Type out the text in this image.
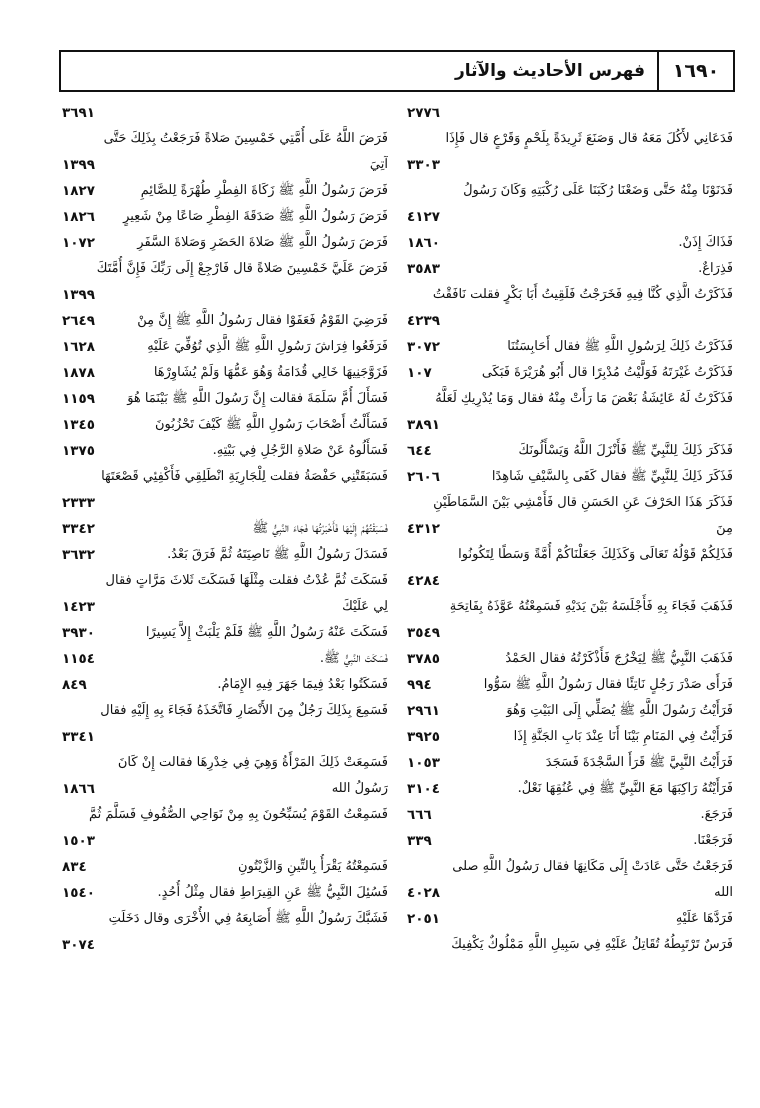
١٦٩٠
فهرس الأحاديث والآثار
٢٧٧٦
فَدَعَانِي لأَكُلَ مَعَهُ قال وَصَنَعَ ثَرِيدَةً بِلَحْمٍ وَقَرْعٍ قال فَإِذَا
٣٣٠٣
فَدَنَوْنَا مِنْهُ حَتَّى وَضَعْنَا رُكَبَنَا عَلَى رُكْبَتِهِ وَكَانَ رَسُولُ
٤١٢٧
فَذَاكَ إِذَنْ.
١٨٦٠
فَذِرَاعٌ.
٣٥٨٣
فَذَكَرْتُ الَّذِي كُنَّا فِيهِ فَخَرَجْتُ فَلَقِيتُ أَبَا بَكْرٍ فقلت نَافَقْتُ
٤٢٣٩
فَذَكَرْتُ ذَلِكَ لِرَسُولِ اللَّهِ ﷺ فقال أَحَابِسَتُنَا
٣٠٧٢
فَذَكَرْتُ غَيْرَتَهُ فَوَلَّيْتُ مُدْبِرًا قال أَبُو هُرَيْرَةَ فَبَكَى
١٠٧
فَذَكَرْتُ لَهُ عَائِشَةُ بَعْضَ مَا رَأَتْ مِنْهُ فقال وَمَا يُدْرِيكِ لَعَلَّهُ
٣٨٩١
فَذَكَرَ ذَلِكَ لِلنَّبِيِّ ﷺ فَأَنْزَلَ اللَّهُ وَيَسْأَلُونَكَ
٦٤٤
فَذَكَرَ ذَلِكَ لِلنَّبِيِّ ﷺ فقال كَفَى بِالسَّيْفِ شَاهِدًا
٢٦٠٦
فَذَكَرَ هَذَا الحَرْفَ عَنِ الحَسَنِ قال فَأَمْشِي بَيْنَ السَّمَاطَيْنِ
مِنَ
٤٣١٢
فَذَلِكُمْ قَوْلُهُ تَعَالَى وَكَذَلِكَ جَعَلْنَاكُمْ أُمَّةً وَسَطًا لِتَكُونُوا
٤٢٨٤
فَذَهَبَ فَجَاءَ بِهِ فَأَجْلَسَهُ بَيْنَ يَدَيْهِ فَسَمِعْتُهُ عَوَّذَهُ بِفَاتِحَةِ
٣٥٤٩
فَذَهَبَ النَّبِيُّ ﷺ لِيَخْرُجَ فَأَذْكَرْتُهُ فقال الحَمْدُ
٣٧٨٥
فَرَأَى صَدْرَ رَجُلٍ نَاتِئًا فقال رَسُولُ اللَّهِ ﷺ سَوُّوا
٩٩٤
فَرَأَيْتُ رَسُولَ اللَّهِ ﷺ يُصَلِّي إِلَى البَيْتِ وَهُوَ
٢٩٦١
فَرَأَيْتُ فِي المَنَامِ بَيْنَا أَنَا عِنْدَ بَابِ الجَنَّةِ إِذَا
٣٩٢٥
فَرَأَيْتُ النَّبِيَّ ﷺ قَرَأَ السَّجْدَةَ فَسَجَدَ
١٠٥٣
فَرَأَيْتُهُ رَاكِبَهَا مَعَ النَّبِيِّ ﷺ فِي عُنُقِهَا نَعْلٌ.
٣١٠٤
فَرَجَعَ.
٦٦٦
فَرَجَعْنَا.
٣٣٩
فَرَجَعْتُ حَتَّى عَادَتْ إِلَى مَكَانِهَا فقال رَسُولُ اللَّهِ صلى
الله
٤٠٢٨
فَرَدَّهَا عَلَيْهِ
٢٠٥١
فَرَسٌ تَرْتَبِطُهُ تُقَاتِلُ عَلَيْهِ فِي سَبِيلِ اللَّهِ مَمْلُوكٌ يَكْفِيكَ
٣٦٩١
فَرَضَ اللَّهُ عَلَى أُمَّتِي خَمْسِينَ صَلاةً فَرَجَعْتُ بِذَلِكَ حَتَّى
آتِيَ
١٣٩٩
فَرَضَ رَسُولُ اللَّهِ ﷺ زَكَاةَ الفِطْرِ طُهْرَةً لِلصَّائِمِ
١٨٢٧
فَرَضَ رَسُولُ اللَّهِ ﷺ صَدَقَةَ الفِطْرِ صَاعًا مِنْ شَعِيرٍ
١٨٢٦
فَرَضَ رَسُولُ اللَّهِ ﷺ صَلاةَ الحَضَرِ وَصَلاةَ السَّفَرِ
١٠٧٢
فَرَضَ عَلَيَّ خَمْسِينَ صَلاةً قال فَارْجِعْ إِلَى رَبِّكَ فَإِنَّ أُمَّتَكَ
١٣٩٩
فَرَضِيَ القَوْمُ فَعَفَوْا فقال رَسُولُ اللَّهِ ﷺ إِنَّ مِنْ
٢٦٤٩
فَرَفَعُوا فِرَاشَ رَسُولِ اللَّهِ ﷺ الَّذِي تُوُفِّيَ عَلَيْهِ
١٦٢٨
فَزَوَّجَنِيهَا خَالِي قُدَامَةُ وَهُوَ عَمُّهَا وَلَمْ يُشَاوِرْهَا
١٨٧٨
فَسَأَلَ أُمَّ سَلَمَةَ فقالت إِنَّ رَسُولَ اللَّهِ ﷺ بَيْنَمَا هُوَ
١١٥٩
فَسَأَلْتُ أَصْحَابَ رَسُولِ اللَّهِ ﷺ كَيْفَ تَحْزُبُونَ
١٣٤٥
فَسَأَلُوهُ عَنْ صَلاةِ الرَّجُلِ فِي بَيْتِهِ.
١٣٧٥
فَسَبَقَتْنِي حَفْصَةُ فقلت لِلْجَارِيَةِ انْطَلِقِي فَأَكْفِئِي قَصْعَتَهَا
٢٣٣٣
فَسَبَقْتُهُمْ إِلَيْهَا فَأَخْبَرْتُهَا فَجَاءَ النَّبِيُّ ﷺ
٣٣٤٢
فَسَدَلَ رَسُولُ اللَّهِ ﷺ نَاصِيَتَهُ ثُمَّ فَرَقَ بَعْدُ.
٣٦٣٢
فَسَكَتَ ثُمَّ عُدْتُ فقلت مِثْلَهَا فَسَكَتَ ثَلاثَ مَرَّاتٍ فقال
لِي عَلَيْكَ
١٤٢٣
فَسَكَتَ عَنْهُ رَسُولُ اللَّهِ ﷺ فَلَمْ يَلْبَثْ إِلاَّ يَسِيرًا
٣٩٣٠
فَسَكَتَ النَّبِيُّ ﷺ.
١١٥٤
فَسَكَتُوا بَعْدُ فِيمَا جَهَرَ فِيهِ الإِمَامُ.
٨٤٩
فَسَمِعَ بِذَلِكَ رَجُلٌ مِنَ الأَنْصَارِ فَاتَّخَذَهُ فَجَاءَ بِهِ إِلَيْهِ فقال
٣٣٤١
فَسَمِعَتْ ذَلِكَ المَرْأَةُ وَهِيَ فِي خِدْرِهَا فقالت إِنْ كَانَ
رَسُولُ الله
١٨٦٦
فَسَمِعْتُ القَوْمَ يُسَبِّحُونَ بِهِ مِنْ نَوَاحِي الصُّفُوفِ فَسَلَّمَ ثُمَّ
١٥٠٣
فَسَمِعْتُهُ يَقْرَأُ بِالتِّينِ وَالزَّيْتُونِ
٨٣٤
فَسُئِلَ النَّبِيُّ ﷺ عَنِ القِيرَاطِ فقال مِثْلُ أُحُدٍ.
١٥٤٠
فَشَبَّكَ رَسُولُ اللَّهِ ﷺ أَصَابِعَهُ فِي الأُخْرَى وقال دَخَلَتِ
٣٠٧٤
